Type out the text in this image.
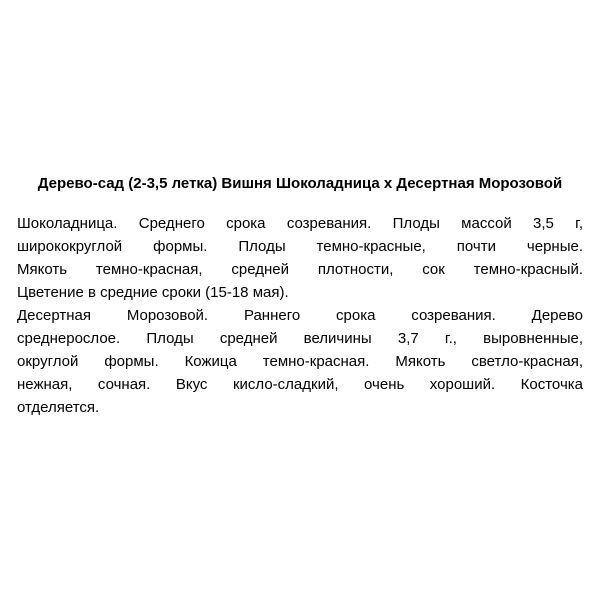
Дерево-сад (2-3,5 летка) Вишня Шоколадница х Десертная Морозовой
Шоколадница. Среднего срока созревания. Плоды массой 3,5 г,
ширококруглой формы. Плоды темно-красные, почти черные.
Мякоть темно-красная, средней плотности, сок темно-красный.
Цветение в средние сроки (15-18 мая).
Десертная Морозовой. Раннего срока созревания. Дерево
среднерослое. Плоды средней величины 3,7 г., выровненные,
округлой формы. Кожица темно-красная. Мякоть светло-красная,
нежная, сочная. Вкус кисло-сладкий, очень хороший. Косточка
отделяется.
